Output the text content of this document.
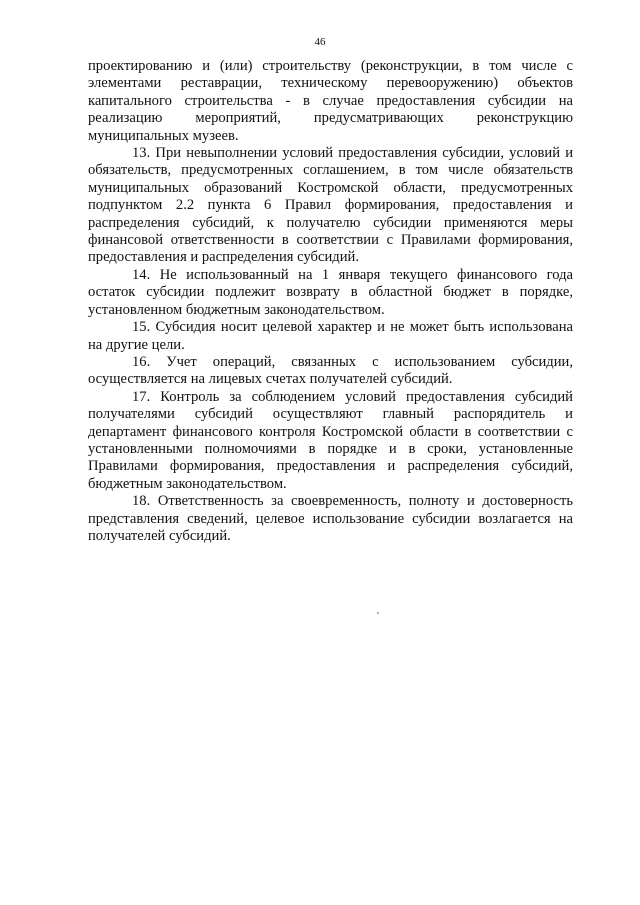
46

проектированию и (или) строительству (реконструкции, в том числе с элементами реставрации, техническому перевооружению) объектов капитального строительства - в случае предоставления субсидии на реализацию мероприятий, предусматривающих реконструкцию муниципальных музеев.

13. При невыполнении условий предоставления субсидии, условий и обязательств, предусмотренных соглашением, в том числе обязательств муниципальных образований Костромской области, предусмотренных подпунктом 2.2 пункта 6 Правил формирования, предоставления и распределения субсидий, к получателю субсидии применяются меры финансовой ответственности в соответствии с Правилами формирования, предоставления и распределения субсидий.

14. Не использованный на 1 января текущего финансового года остаток субсидии подлежит возврату в областной бюджет в порядке, установленном бюджетным законодательством.

15. Субсидия носит целевой характер и не может быть использована на другие цели.

16. Учет операций, связанных с использованием субсидии, осуществляется на лицевых счетах получателей субсидий.

17. Контроль за соблюдением условий предоставления субсидий получателями субсидий осуществляют главный распорядитель и департамент финансового контроля Костромской области в соответствии с установленными полномочиями в порядке и в сроки, установленные Правилами формирования, предоставления и распределения субсидий, бюджетным законодательством.

18. Ответственность за своевременность, полноту и достоверность представления сведений, целевое использование субсидии возлагается на получателей субсидий.
